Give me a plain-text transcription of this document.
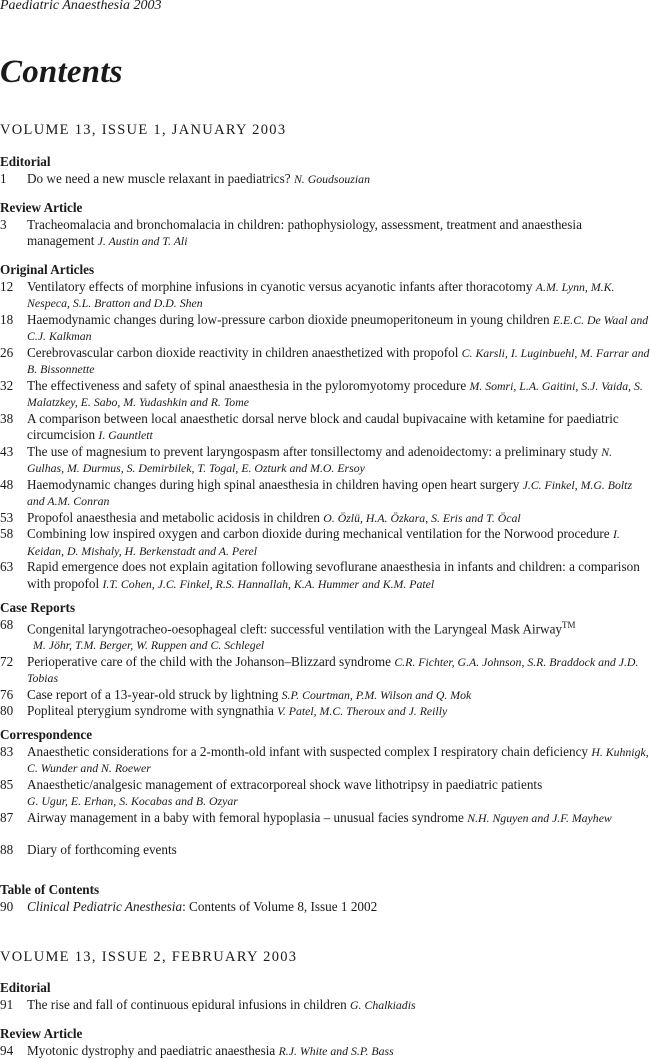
Paediatric Anaesthesia 2003
Contents
VOLUME 13, ISSUE 1, JANUARY 2003
Editorial
1 Do we need a new muscle relaxant in paediatrics? N. Goudsouzian
Review Article
3 Tracheomalacia and bronchomalacia in children: pathophysiology, assessment, treatment and anaesthesia management J. Austin and T. Ali
Original Articles
12 Ventilatory effects of morphine infusions in cyanotic versus acyanotic infants after thoracotomy A.M. Lynn, M.K. Nespeca, S.L. Bratton and D.D. Shen
18 Haemodynamic changes during low-pressure carbon dioxide pneumoperitoneum in young children E.E.C. De Waal and C.J. Kalkman
26 Cerebrovascular carbon dioxide reactivity in children anaesthetized with propofol C. Karsli, I. Luginbuehl, M. Farrar and B. Bissonnette
32 The effectiveness and safety of spinal anaesthesia in the pyloromyotomy procedure M. Somri, L.A. Gaitini, S.J. Vaida, S. Malatzkey, E. Sabo, M. Yudashkin and R. Tome
38 A comparison between local anaesthetic dorsal nerve block and caudal bupivacaine with ketamine for paediatric circumcision I. Gauntlett
43 The use of magnesium to prevent laryngospasm after tonsillectomy and adenoidectomy: a preliminary study N. Gulhas, M. Durmus, S. Demirbilek, T. Togal, E. Ozturk and M.O. Ersoy
48 Haemodynamic changes during high spinal anaesthesia in children having open heart surgery J.C. Finkel, M.G. Boltz and A.M. Conran
53 Propofol anaesthesia and metabolic acidosis in children O. Özlü, H.A. Özkara, S. Eris and T. Öcal
58 Combining low inspired oxygen and carbon dioxide during mechanical ventilation for the Norwood procedure I. Keidan, D. Mishaly, H. Berkenstadt and A. Perel
63 Rapid emergence does not explain agitation following sevoflurane anaesthesia in infants and children: a comparison with propofol I.T. Cohen, J.C. Finkel, R.S. Hannallah, K.A. Hummer and K.M. Patel
Case Reports
68 Congenital laryngotracheo-oesophageal cleft: successful ventilation with the Laryngeal Mask Airway™
M. Jöhr, T.M. Berger, W. Ruppen and C. Schlegel
72 Perioperative care of the child with the Johanson–Blizzard syndrome C.R. Fichter, G.A. Johnson, S.R. Braddock and J.D. Tobias
76 Case report of a 13-year-old struck by lightning S.P. Courtman, P.M. Wilson and Q. Mok
80 Popliteal pterygium syndrome with syngnathia V. Patel, M.C. Theroux and J. Reilly
Correspondence
83 Anaesthetic considerations for a 2-month-old infant with suspected complex I respiratory chain deficiency H. Kuhnigk, C. Wunder and N. Roewer
85 Anaesthetic/analgesic management of extracorporeal shock wave lithotripsy in paediatric patients
G. Ugur, E. Erhan, S. Kocabas and B. Ozyar
87 Airway management in a baby with femoral hypoplasia – unusual facies syndrome N.H. Nguyen and J.F. Mayhew
88 Diary of forthcoming events
Table of Contents
90 Clinical Pediatric Anesthesia: Contents of Volume 8, Issue 1 2002
VOLUME 13, ISSUE 2, FEBRUARY 2003
Editorial
91 The rise and fall of continuous epidural infusions in children G. Chalkiadis
Review Article
94 Myotonic dystrophy and paediatric anaesthesia R.J. White and S.P. Bass
